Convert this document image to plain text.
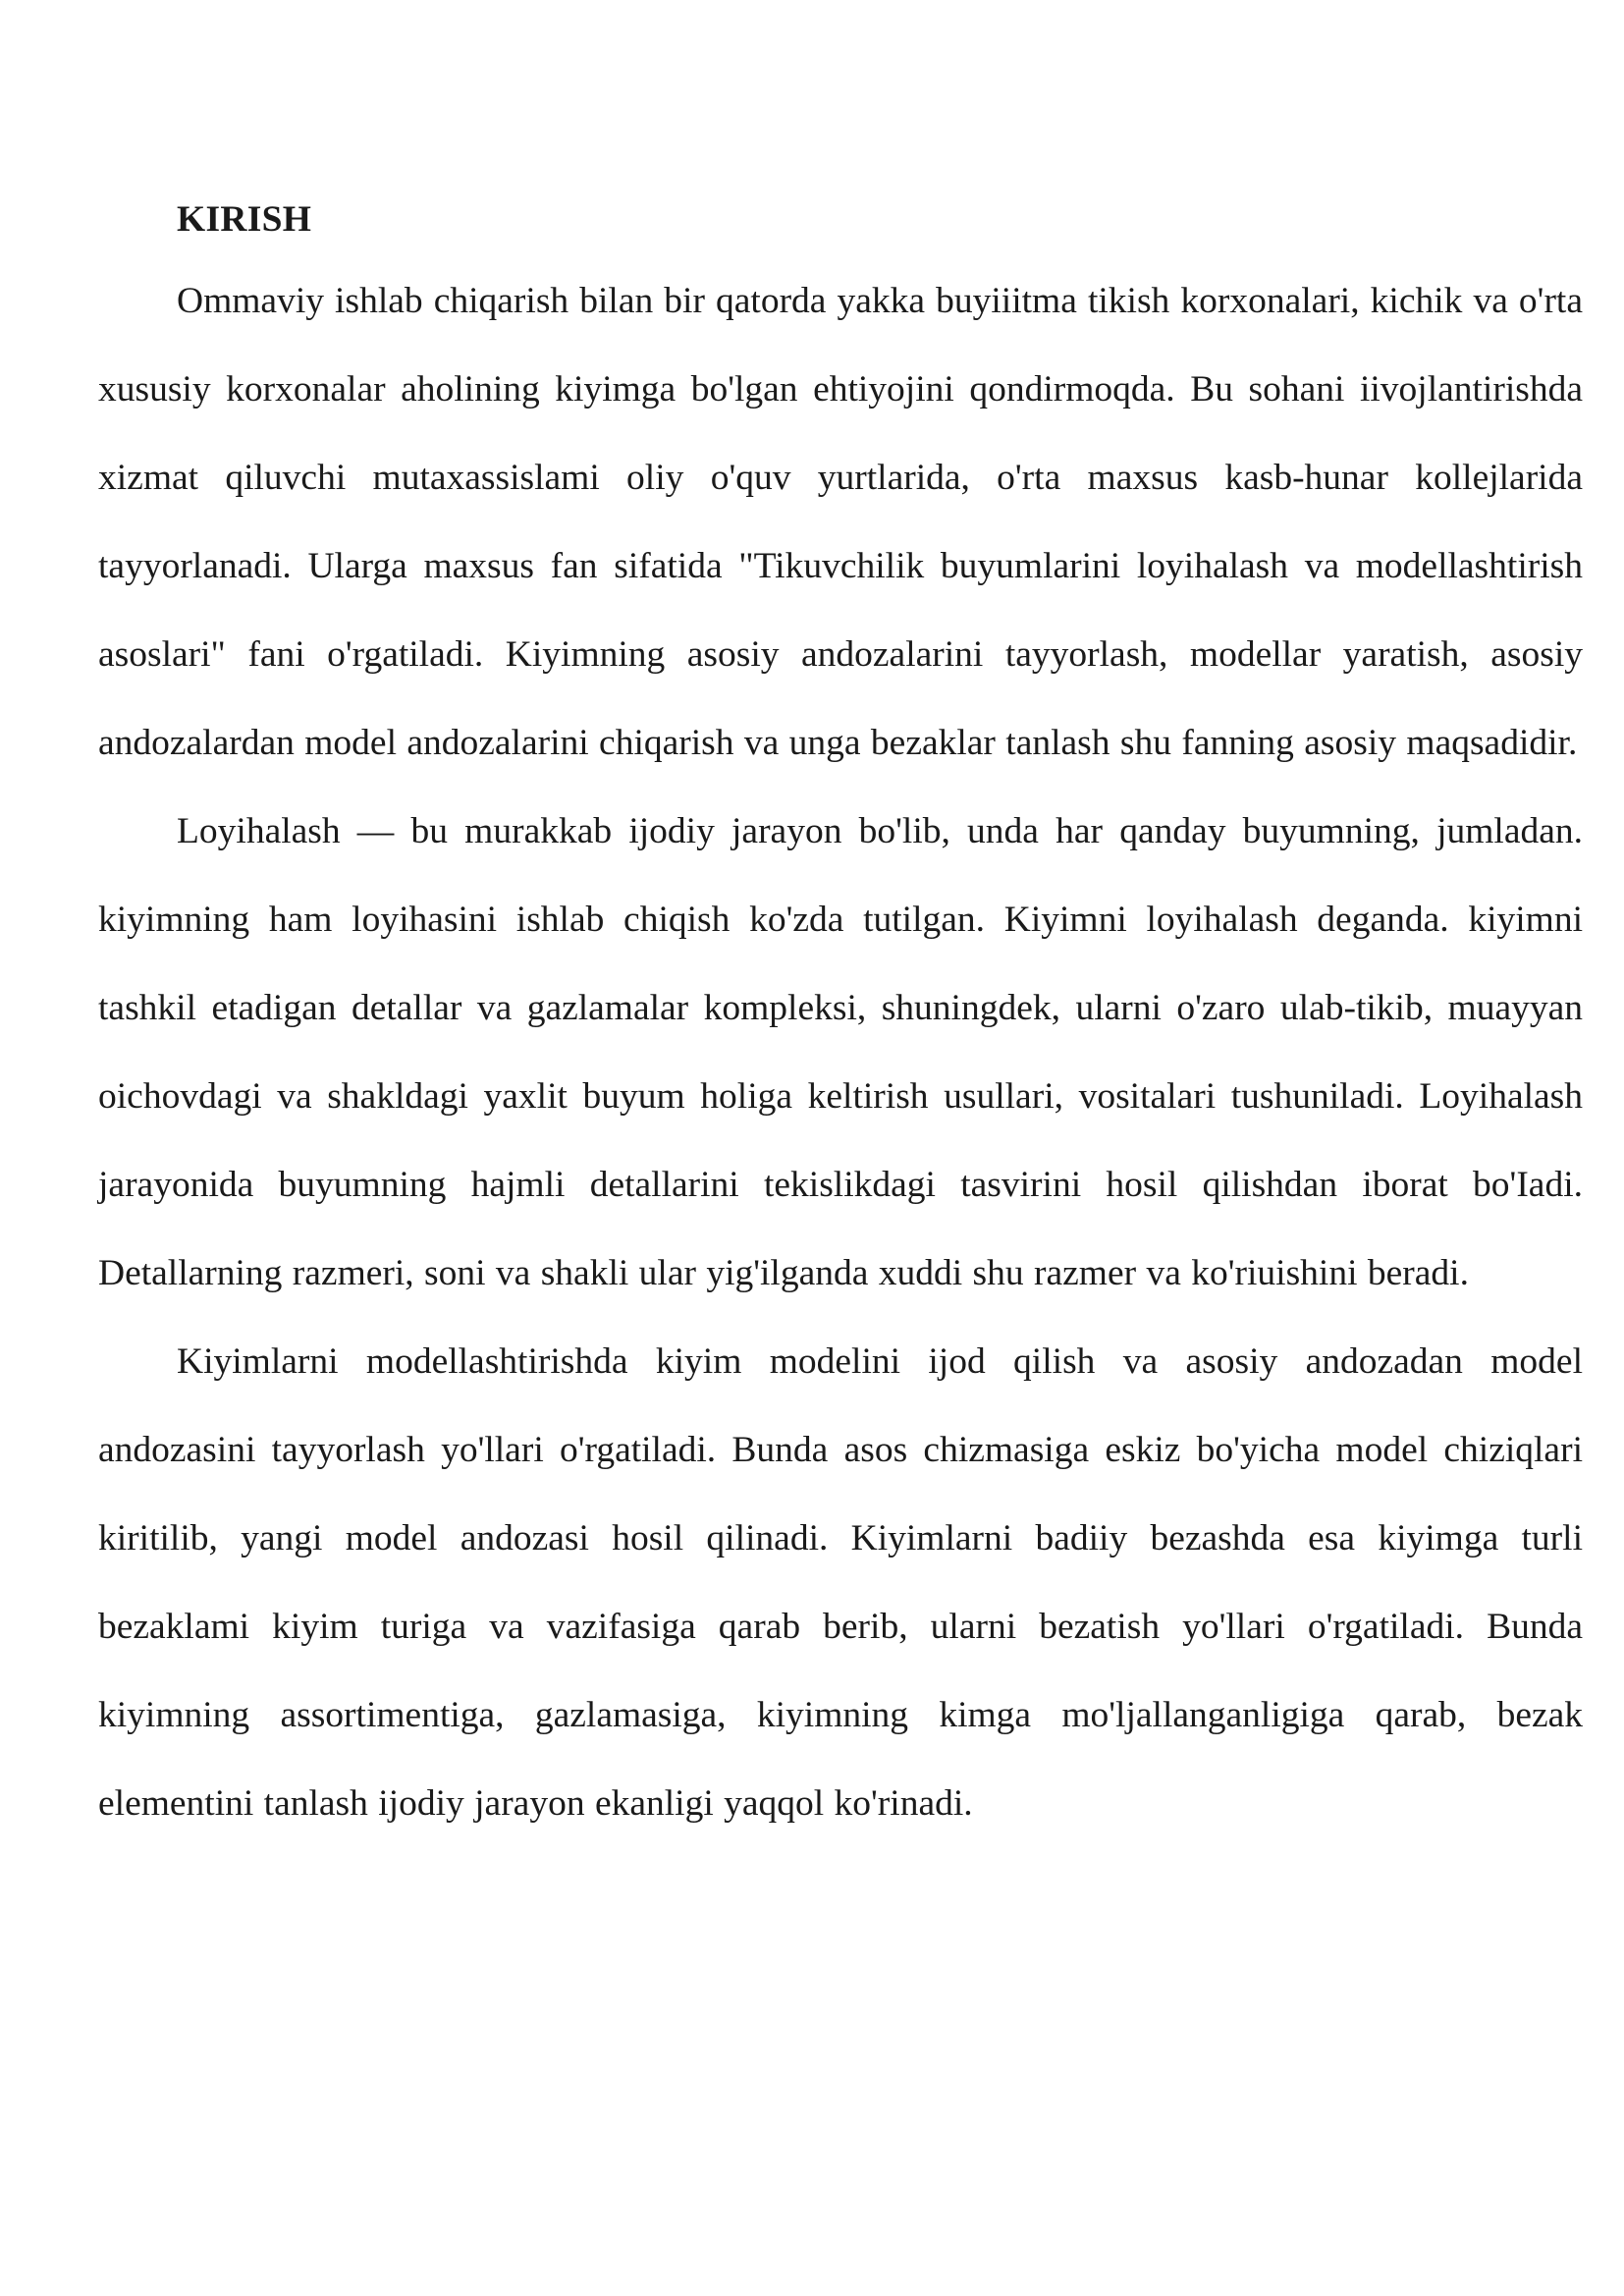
KIRISH

Ommaviy ishlab chiqarish bilan bir qatorda yakka buyiiitma tikish korxonalari, kichik va o'rta xususiy korxonalar aholining kiyimga bo'lgan ehtiyojini qondirmoqda. Bu sohani iivojlantirishda xizmat qiluvchi mutaxassislami oliy o'quv yurtlarida, o'rta maxsus kasb-hunar kollejlarida tayyorlanadi. Ularga maxsus fan sifatida "Tikuvchilik buyumlarini loyihalash va modellashtirish asoslari" fani o'rgatiladi. Kiyimning asosiy andozalarini tayyorlash, modellar yaratish, asosiy andozalardan model andozalarini chiqarish va unga bezaklar tanlash shu fanning asosiy maqsadidir.

Loyihalash — bu murakkab ijodiy jarayon bo'lib, unda har qanday buyumning, jumladan. kiyimning ham loyihasini ishlab chiqish ko'zda tutilgan. Kiyimni loyihalash deganda. kiyimni tashkil etadigan detallar va gazlamalar kompleksi, shuningdek, ularni o'zaro ulab-tikib, muayyan oichovdagi va shakldagi yaxlit buyum holiga keltirish usullari, vositalari tushuniladi. Loyihalash jarayonida buyumning hajmli detallarini tekislikdagi tasvirini hosil qilishdan iborat bo'Iadi. Detallarning razmeri, soni va shakli ular yig'ilganda xuddi shu razmer va ko'riuishini beradi.

Kiyimlarni modellashtirishda kiyim modelini ijod qilish va asosiy andozadan model andozasini tayyorlash yo'llari o'rgatiladi. Bunda asos chizmasiga eskiz bo'yicha model chiziqlari kiritilib, yangi model andozasi hosil qilinadi. Kiyimlarni badiiy bezashda esa kiyimga turli bezaklami kiyim turiga va vazifasiga qarab berib, ularni bezatish yo'llari o'rgatiladi. Bunda kiyimning assortimentiga, gazlamasiga, kiyimning kimga mo'ljallanganligiga qarab, bezak elementini tanlash ijodiy jarayon ekanligi yaqqol ko'rinadi.
